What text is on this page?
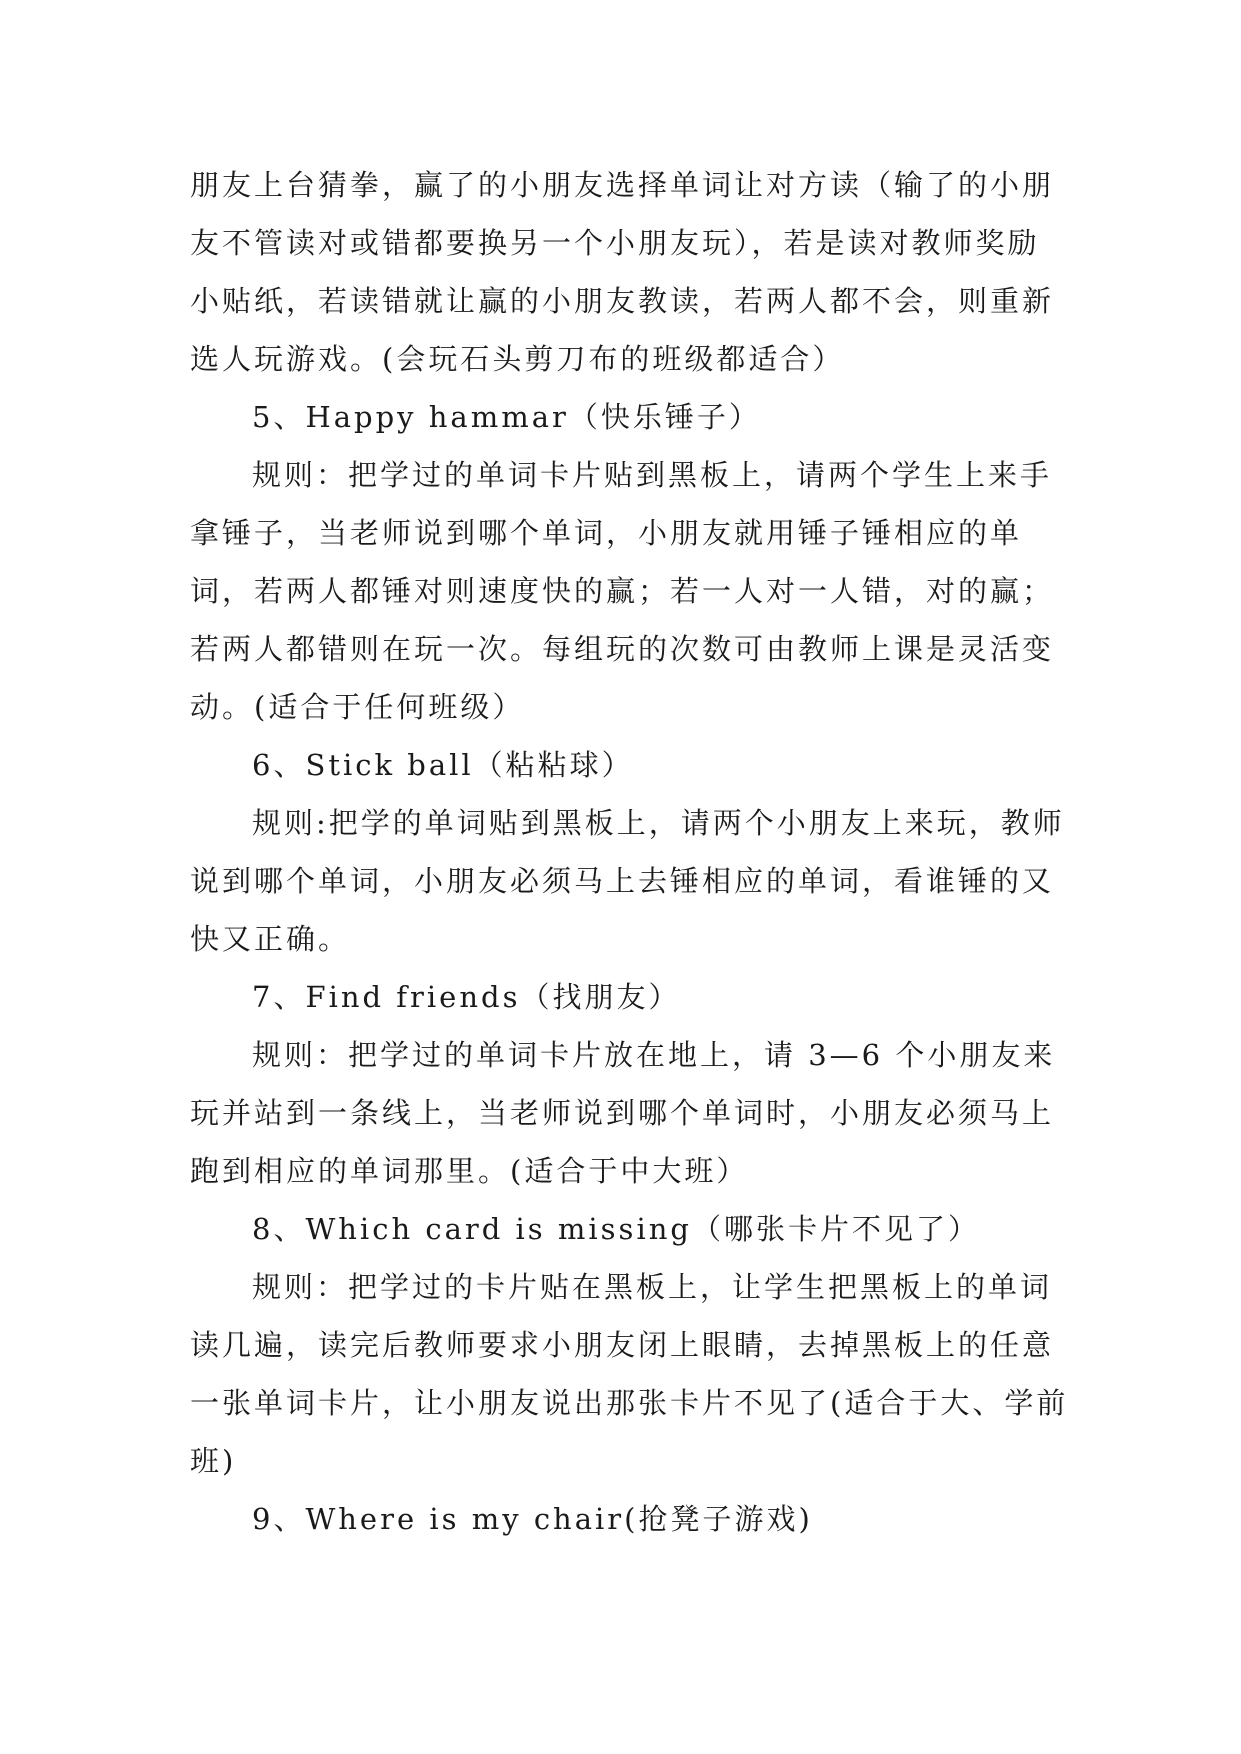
朋友上台猜拳，赢了的小朋友选择单词让对方读（输了的小朋友不管读对或错都要换另一个小朋友玩），若是读对教师奖励小贴纸，若读错就让赢的小朋友教读，若两人都不会，则重新选人玩游戏。(会玩石头剪刀布的班级都适合）

5、Happy hammar（快乐锤子）

规则：把学过的单词卡片贴到黑板上，请两个学生上来手拿锤子，当老师说到哪个单词，小朋友就用锤子锤相应的单词，若两人都锤对则速度快的赢；若一人对一人错，对的赢；若两人都错则在玩一次。每组玩的次数可由教师上课是灵活变动。(适合于任何班级）

6、Stick ball（粘粘球）

规则:把学的单词贴到黑板上，请两个小朋友上来玩，教师说到哪个单词，小朋友必须马上去锤相应的单词，看谁锤的又快又正确。

7、Find friends（找朋友）

规则：把学过的单词卡片放在地上，请 3—6 个小朋友来玩并站到一条线上，当老师说到哪个单词时，小朋友必须马上跑到相应的单词那里。(适合于中大班）

8、Which card is missing（哪张卡片不见了）

规则：把学过的卡片贴在黑板上，让学生把黑板上的单词读几遍，读完后教师要求小朋友闭上眼睛，去掉黑板上的任意一张单词卡片，让小朋友说出那张卡片不见了(适合于大、学前班)

9、Where is my chair(抢凳子游戏)
